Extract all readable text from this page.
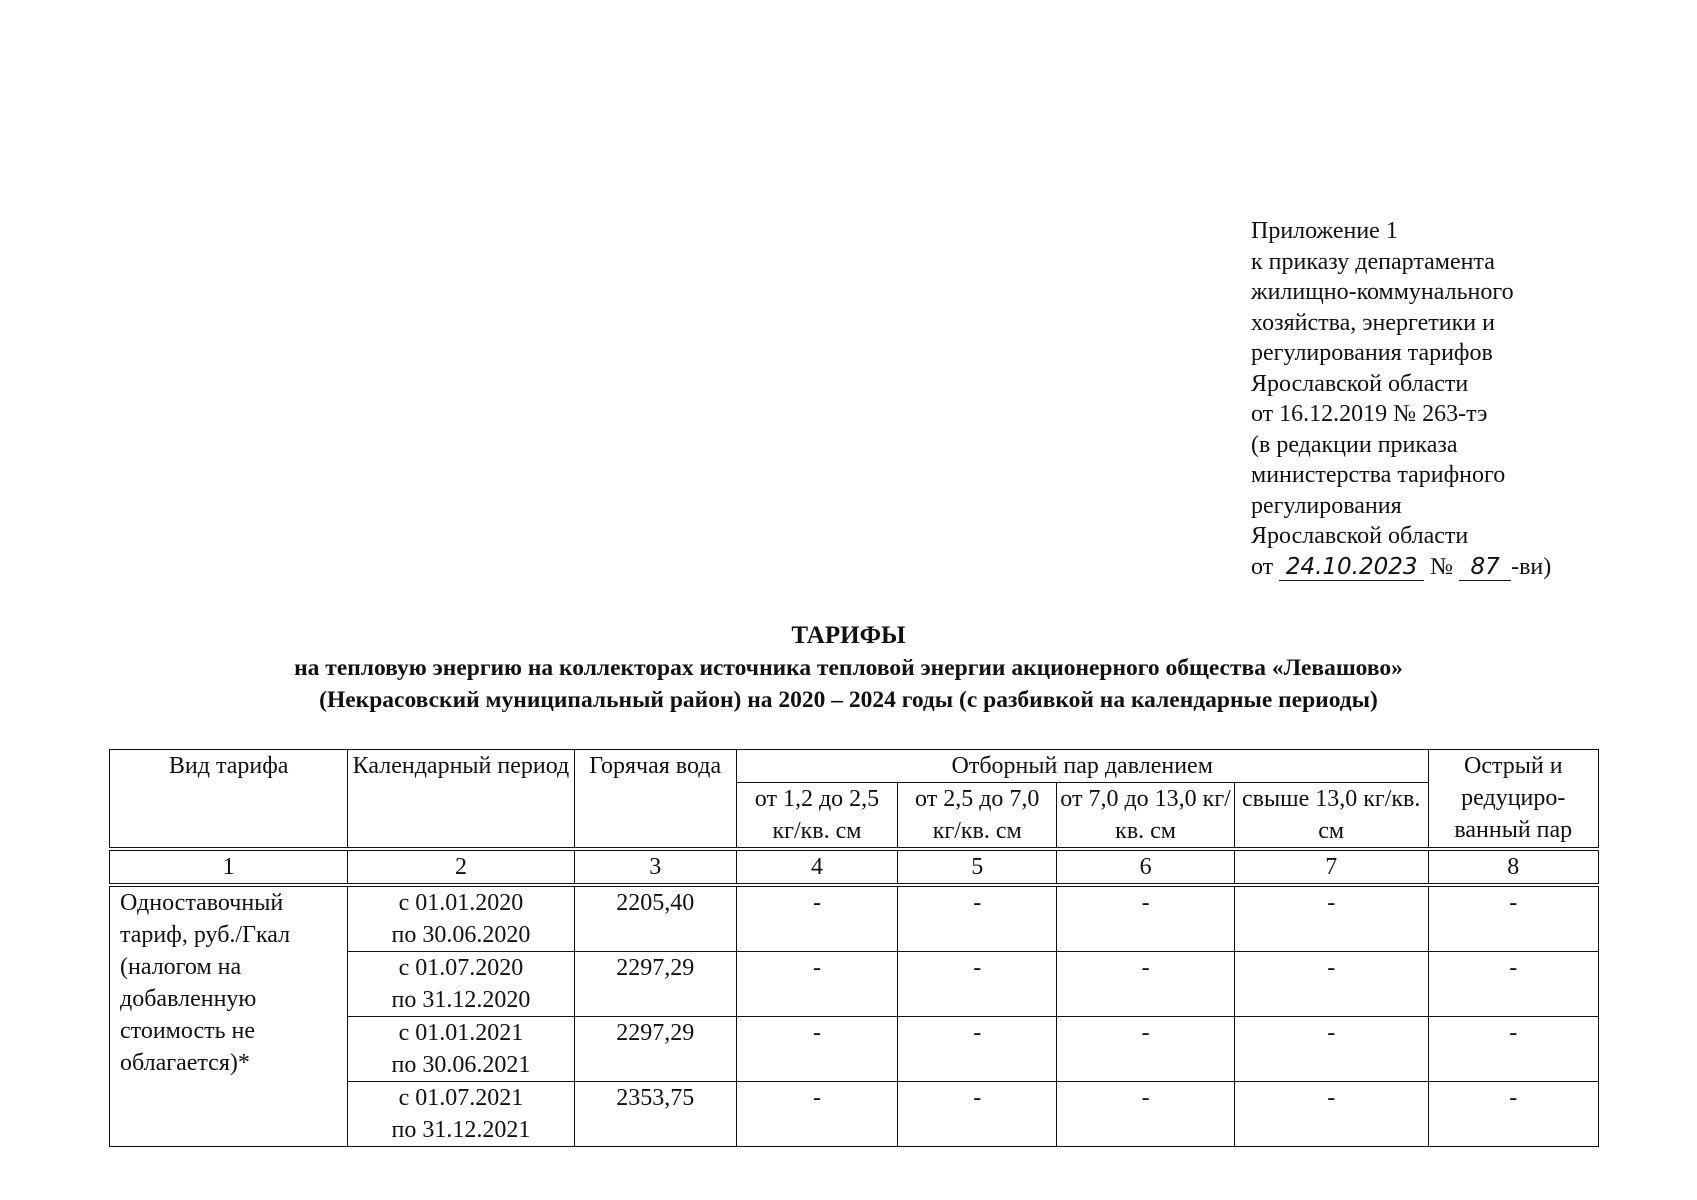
Приложение 1
к приказу департамента
жилищно-коммунального
хозяйства, энергетики и
регулирования тарифов
Ярославской области
от 16.12.2019 № 263-тэ
(в редакции приказа
министерства тарифного
регулирования
Ярославской области
от 24.10.2023 № 87 -ви)
ТАРИФЫ
на тепловую энергию на коллекторах источника тепловой энергии акционерного общества «Левашово»
(Некрасовский муниципальный район) на 2020 – 2024 годы (с разбивкой на календарные периоды)
Вид тарифа	Календарный период	Горячая вода	Отборный пар давлением				Острый и редуциро-ванный пар
			от 1,2 до 2,5 кг/кв. см	от 2,5 до 7,0 кг/кв. см	от 7,0 до 13,0 кг/кв. см	свыше 13,0 кг/кв. см	
1	2	3	4	5	6	7	8
Одноставочный тариф, руб./Гкал (налогом на добавленную стоимость не облагается)*	с 01.01.2020
по 30.06.2020	2205,40	-	-	-	-	-

	с 01.07.2020
по 31.12.2020	2297,29	-	-	-	-	-

	с 01.01.2021
по 30.06.2021	2297,29	-	-	-	-	-

	с 01.07.2021
по 31.12.2021	2353,75	-	-	-	-	-
